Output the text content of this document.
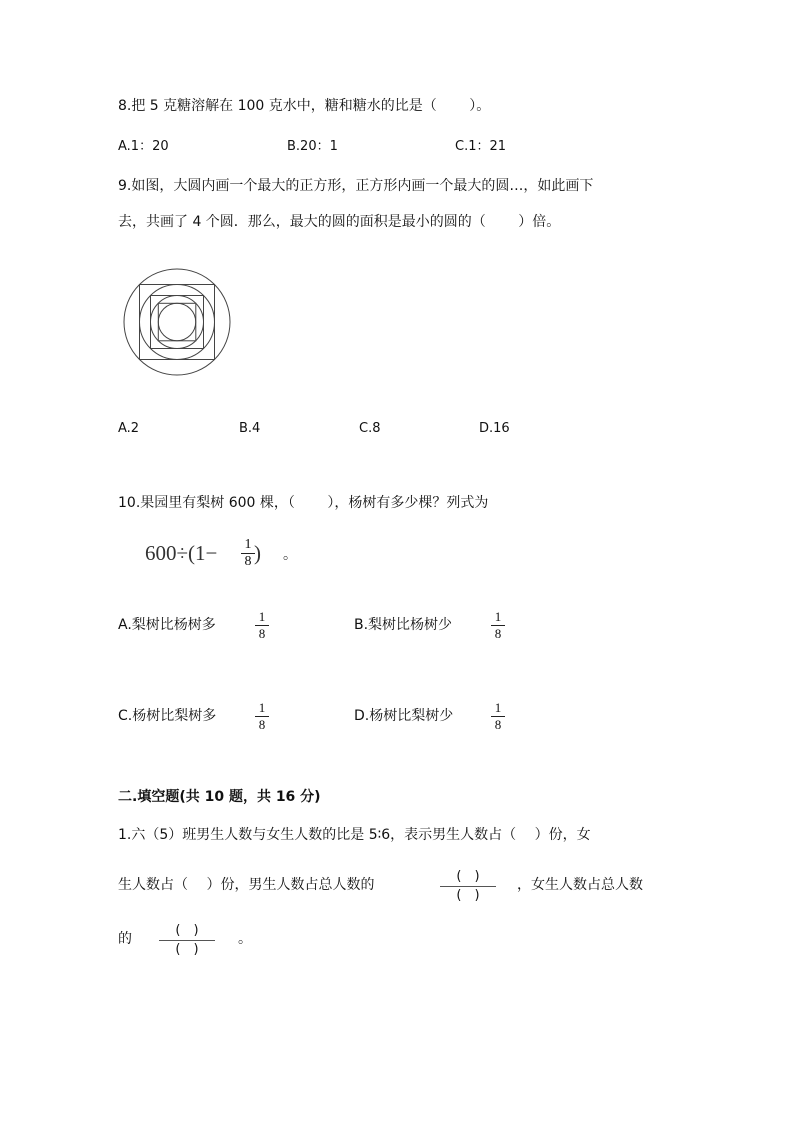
8.把 5 克糖溶解在 100 克水中，糖和糖水的比是（　　 ）。
A.1：20	B.20：1	C.1：21
9.如图，大圆内画一个最大的正方形，正方形内画一个最大的圆…，如此画下
去，共画了 4 个圆．那么，最大的圆的面积是最小的圆的（　　 ）倍。
A.2	B.4	C.8	D.16
10.果园里有梨树 600 棵，（　　 ），杨树有多少棵？列式为
600÷(1− 1
8 ) 。
A.梨树比杨树多
1
8
B.梨树比杨树少
1
8
C.杨树比梨树多
1
8
D.杨树比梨树少
1
8
二.填空题(共 10 题，共 16 分)
1.六（5）班男生人数与女生人数的比是 5∶6，表示男生人数占（　 ）份，女
生人数占（　 ）份，男生人数占总人数的
(　)
(　)
，女生人数占总人数
的
(　)
(　)
。
